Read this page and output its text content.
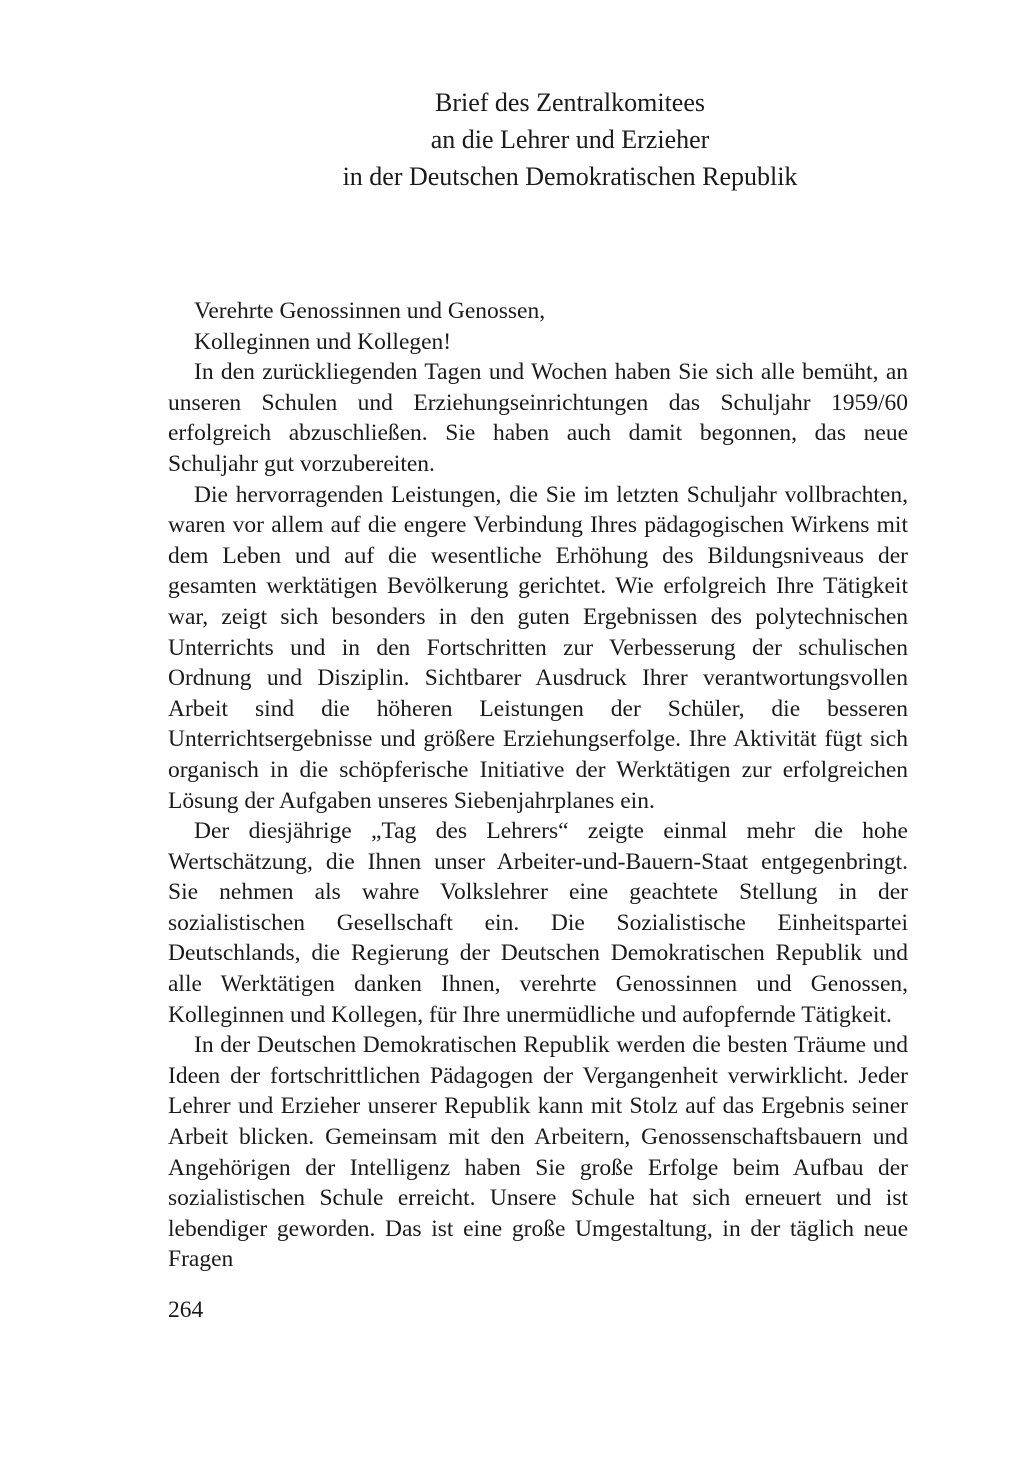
Brief des Zentralkomitees
an die Lehrer und Erzieher
in der Deutschen Demokratischen Republik
Verehrte Genossinnen und Genossen,
Kolleginnen und Kollegen!

In den zurückliegenden Tagen und Wochen haben Sie sich alle bemüht, an unseren Schulen und Erziehungseinrichtungen das Schuljahr 1959/60 erfolgreich abzuschließen. Sie haben auch damit begonnen, das neue Schuljahr gut vorzubereiten.

Die hervorragenden Leistungen, die Sie im letzten Schuljahr vollbrachten, waren vor allem auf die engere Verbindung Ihres pädagogischen Wirkens mit dem Leben und auf die wesentliche Erhöhung des Bildungsniveaus der gesamten werktätigen Bevölkerung gerichtet. Wie erfolgreich Ihre Tätigkeit war, zeigt sich besonders in den guten Ergebnissen des polytechnischen Unterrichts und in den Fortschritten zur Verbesserung der schulischen Ordnung und Disziplin. Sichtbarer Ausdruck Ihrer verantwortungsvollen Arbeit sind die höheren Leistungen der Schüler, die besseren Unterrichtsergebnisse und größere Erziehungserfolge. Ihre Aktivität fügt sich organisch in die schöpferische Initiative der Werktätigen zur erfolgreichen Lösung der Aufgaben unseres Siebenjahrplanes ein.

Der diesjährige „Tag des Lehrers“ zeigte einmal mehr die hohe Wertschätzung, die Ihnen unser Arbeiter-und-Bauern-Staat entgegenbringt. Sie nehmen als wahre Volkslehrer eine geachtete Stellung in der sozialistischen Gesellschaft ein. Die Sozialistische Einheitspartei Deutschlands, die Regierung der Deutschen Demokratischen Republik und alle Werktätigen danken Ihnen, verehrte Genossinnen und Genossen, Kolleginnen und Kollegen, für Ihre unermüdliche und aufopfernde Tätigkeit.

In der Deutschen Demokratischen Republik werden die besten Träume und Ideen der fortschrittlichen Pädagogen der Vergangenheit verwirklicht. Jeder Lehrer und Erzieher unserer Republik kann mit Stolz auf das Ergebnis seiner Arbeit blicken. Gemeinsam mit den Arbeitern, Genossenschaftsbauern und Angehörigen der Intelligenz haben Sie große Erfolge beim Aufbau der sozialistischen Schule erreicht. Unsere Schule hat sich erneuert und ist lebendiger geworden. Das ist eine große Umgestaltung, in der täglich neue Fragen

264
